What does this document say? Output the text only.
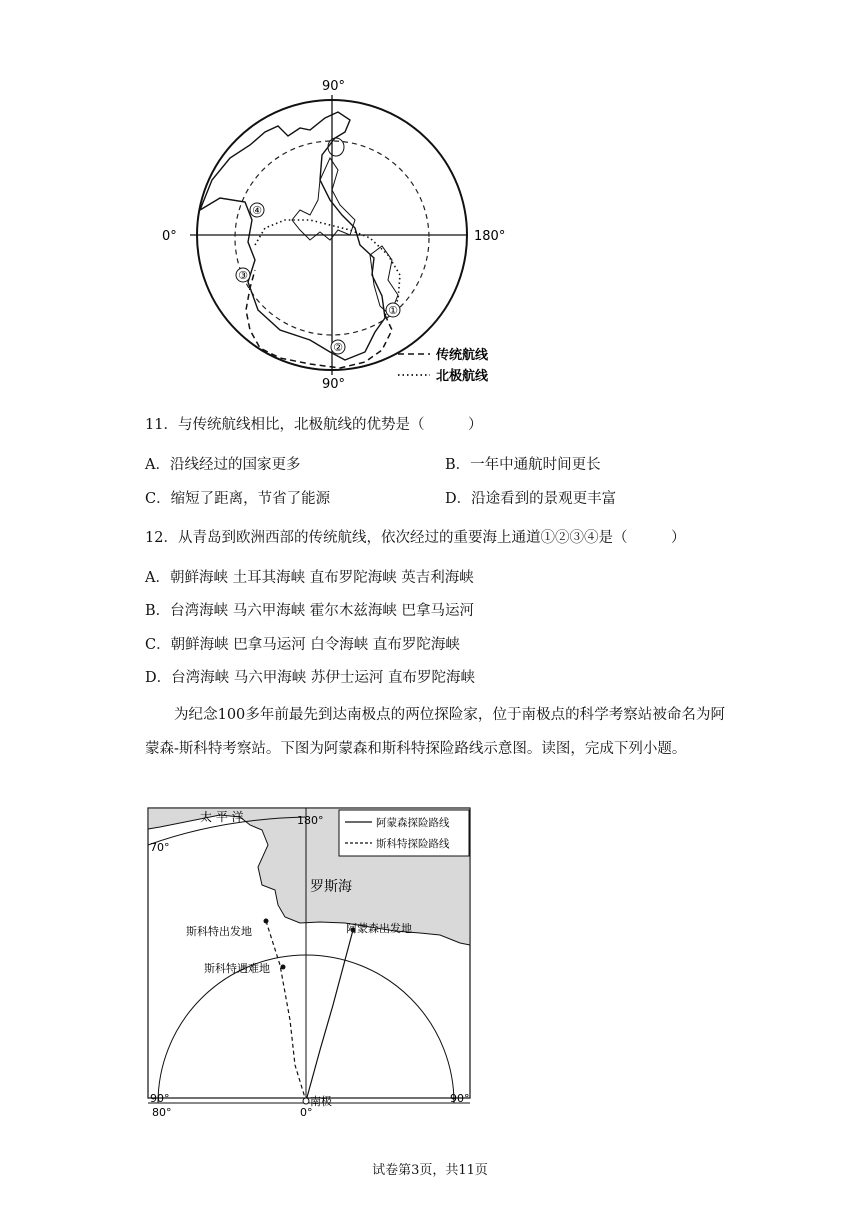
①
②
③
④
90°
90°
0°	180°
传统航线
北极航线
11．与传统航线相比，北极航线的优势是（　　　）
A．沿线经过的国家更多	B．一年中通航时间更长
C．缩短了距离，节省了能源	D．沿途看到的景观更丰富
12．从青岛到欧洲西部的传统航线，依次经过的重要海上通道①②③④是（　　　）
A．朝鲜海峡 土耳其海峡 直布罗陀海峡 英吉利海峡
B．台湾海峡 马六甲海峡 霍尔木兹海峡 巴拿马运河
C．朝鲜海峡 巴拿马运河 白令海峡 直布罗陀海峡
D．台湾海峡 马六甲海峡 苏伊士运河 直布罗陀海峡
为纪念100多年前最先到达南极点的两位探险家，位于南极点的科学考察站被命名为阿蒙森-斯科特考察站。下图为阿蒙森和斯科特探险路线示意图。读图，完成下列小题。
太 平 洋	180°
70°
罗斯海
斯科特出发地
斯科特遇难地
阿蒙森出发地
南极
90°	90°
80°	0°
阿蒙森探险路线
斯科特探险路线
试卷第3页，共11页
